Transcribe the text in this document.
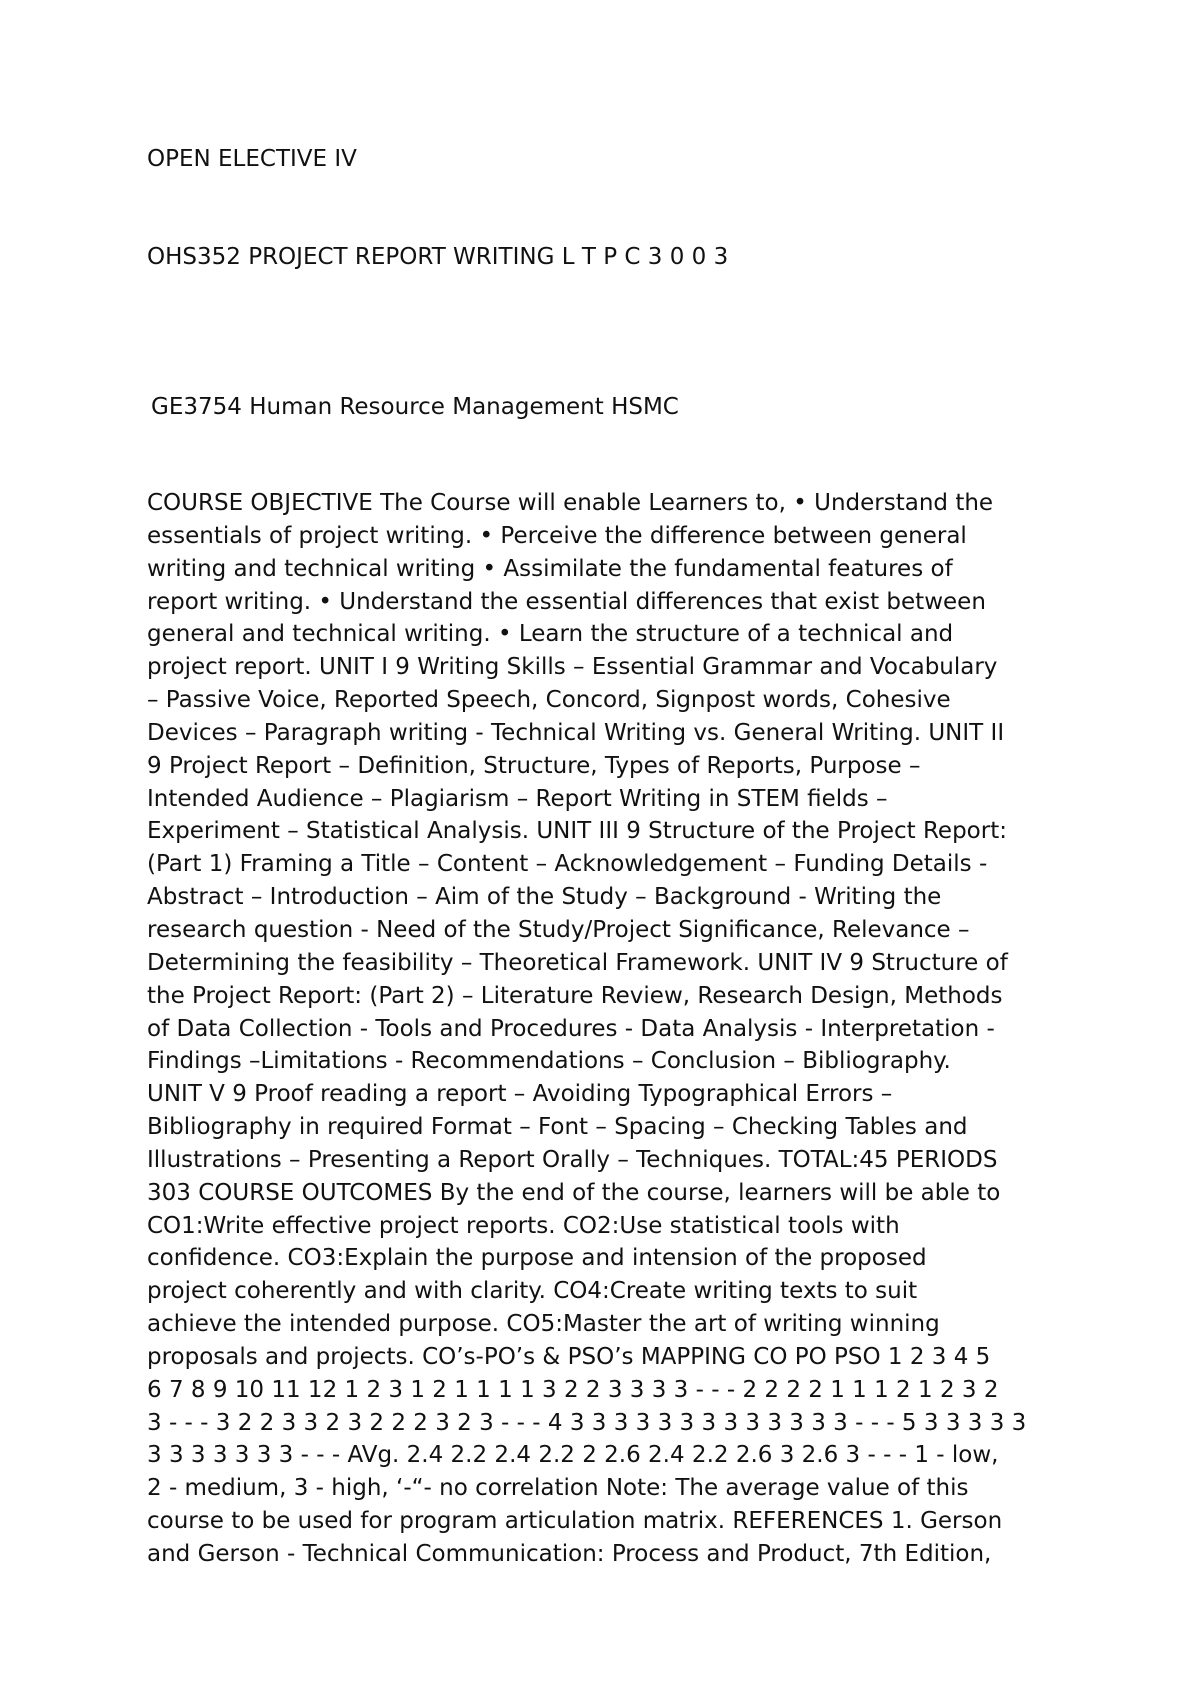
OPEN ELECTIVE IV
OHS352 PROJECT REPORT WRITING L T P C 3 0 0 3
GE3754 Human Resource Management HSMC
COURSE OBJECTIVE The Course will enable Learners to, • Understand the
essentials of project writing. • Perceive the difference between general
writing and technical writing • Assimilate the fundamental features of
report writing. • Understand the essential differences that exist between
general and technical writing. • Learn the structure of a technical and
project report. UNIT I 9 Writing Skills – Essential Grammar and Vocabulary
– Passive Voice, Reported Speech, Concord, Signpost words, Cohesive
Devices – Paragraph writing - Technical Writing vs. General Writing. UNIT II
9 Project Report – Definition, Structure, Types of Reports, Purpose –
Intended Audience – Plagiarism – Report Writing in STEM fields –
Experiment – Statistical Analysis. UNIT III 9 Structure of the Project Report:
(Part 1) Framing a Title – Content – Acknowledgement – Funding Details -
Abstract – Introduction – Aim of the Study – Background - Writing the
research question - Need of the Study/Project Significance, Relevance –
Determining the feasibility – Theoretical Framework. UNIT IV 9 Structure of
the Project Report: (Part 2) – Literature Review, Research Design, Methods
of Data Collection - Tools and Procedures - Data Analysis - Interpretation -
Findings –Limitations - Recommendations – Conclusion – Bibliography.
UNIT V 9 Proof reading a report – Avoiding Typographical Errors –
Bibliography in required Format – Font – Spacing – Checking Tables and
Illustrations – Presenting a Report Orally – Techniques. TOTAL:45 PERIODS
303 COURSE OUTCOMES By the end of the course, learners will be able to
CO1:Write effective project reports. CO2:Use statistical tools with
confidence. CO3:Explain the purpose and intension of the proposed
project coherently and with clarity. CO4:Create writing texts to suit
achieve the intended purpose. CO5:Master the art of writing winning
proposals and projects. CO’s-PO’s & PSO’s MAPPING CO PO PSO 1 2 3 4 5
6 7 8 9 10 11 12 1 2 3 1 2 1 1 1 1 3 2 2 3 3 3 3 - - - 2 2 2 2 1 1 1 2 1 2 3 2
3 - - - 3 2 2 3 3 2 3 2 2 2 3 2 3 - - - 4 3 3 3 3 3 3 3 3 3 3 3 3 3 - - - 5 3 3 3 3 3
3 3 3 3 3 3 3 - - - AVg. 2.4 2.2 2.4 2.2 2 2.6 2.4 2.2 2.6 3 2.6 3 - - - 1 - low,
2 - medium, 3 - high, ‘-“- no correlation Note: The average value of this
course to be used for program articulation matrix. REFERENCES 1. Gerson
and Gerson - Technical Communication: Process and Product, 7th Edition,
